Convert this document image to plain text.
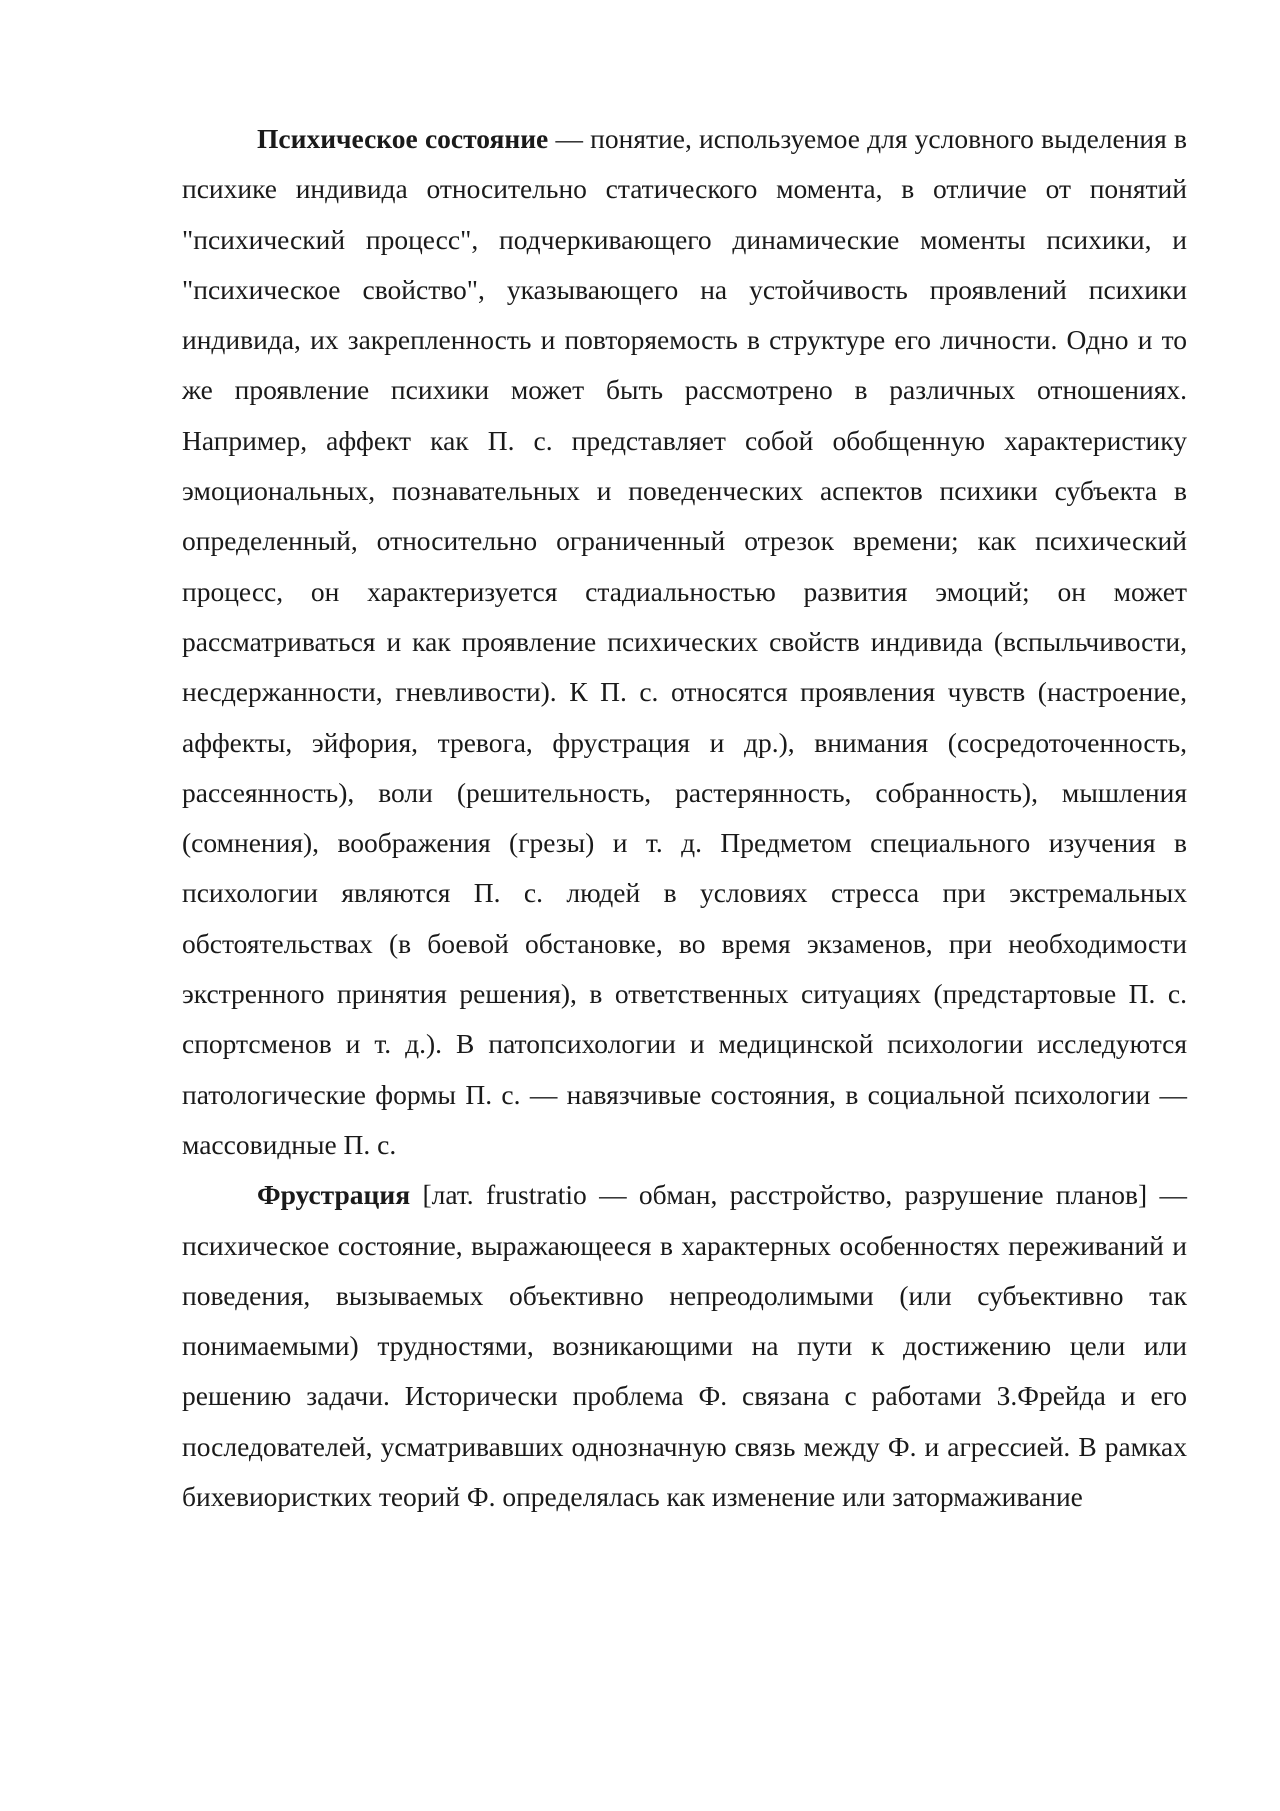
Психическое состояние — понятие, используемое для условного выделения в психике индивида относительно статического момента, в отличие от понятий "психический процесс", подчеркивающего динамические моменты психики, и "психическое свойство", указывающего на устойчивость проявлений психики индивида, их закрепленность и повторяемость в структуре его личности. Одно и то же проявление психики может быть рассмотрено в различных отношениях. Например, аффект как П. с. представляет собой обобщенную характеристику эмоциональных, познавательных и поведенческих аспектов психики субъекта в определенный, относительно ограниченный отрезок времени; как психический процесс, он характеризуется стадиальностью развития эмоций; он может рассматриваться и как проявление психических свойств индивида (вспыльчивости, несдержанности, гневливости). К П. с. относятся проявления чувств (настроение, аффекты, эйфория, тревога, фрустрация и др.), внимания (сосредоточенность, рассеянность), воли (решительность, растерянность, собранность), мышления (сомнения), воображения (грезы) и т. д. Предметом специального изучения в психологии являются П. с. людей в условиях стресса при экстремальных обстоятельствах (в боевой обстановке, во время экзаменов, при необходимости экстренного принятия решения), в ответственных ситуациях (предстартовые П. с. спортсменов и т. д.). В патопсихологии и медицинской психологии исследуются патологические формы П. с. — навязчивые состояния, в социальной психологии — массовидные П. с.

Фрустрация [лат. frustratio — обман, расстройство, разрушение планов] — психическое состояние, выражающееся в характерных особенностях переживаний и поведения, вызываемых объективно непреодолимыми (или субъективно так понимаемыми) трудностями, возникающими на пути к достижению цели или решению задачи. Исторически проблема Ф. связана с работами З.Фрейда и его последователей, усматривавших однозначную связь между Ф. и агрессией. В рамках бихевиористких теорий Ф. определялась как изменение или затормаживание
